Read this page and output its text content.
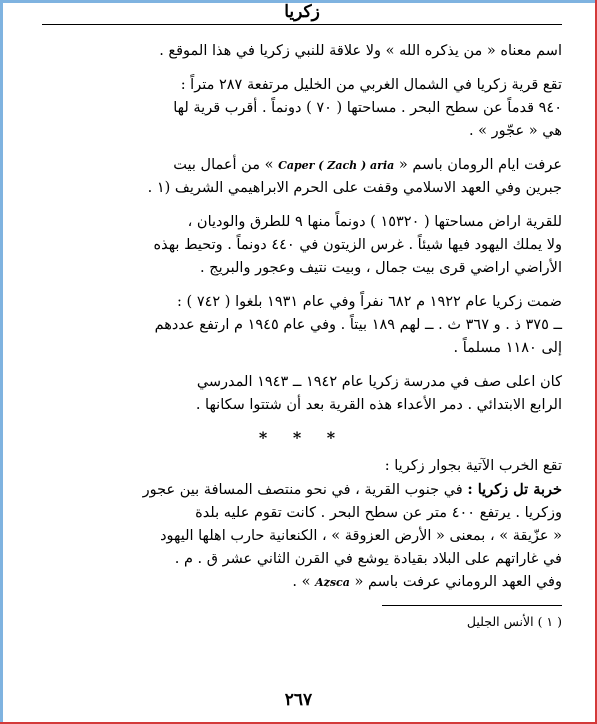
زكريا

اسم معناه « من يذكره الله » ولا علاقة للنبي زكريا في هذا الموقع .

تقع قرية زكريا في الشمال الغربي من الخليل مرتفعة ٢٨٧ متراً :
٩٤٠ قدماً عن سطح البحر . مساحتها ( ٧٠ ) دونماً . أقرب قرية لها
هي « عجّور » .

عرفت ايام الرومان باسم « Caper ( Zach ) aria » من أعمال بيت
جبرين وفي العهد الاسلامي وقفت على الحرم الابراهيمي الشريف (١ .

للقرية اراض مساحتها ( ١٥٣٢٠ ) دونماً منها ٩ للطرق والوديان ،
ولا يملك اليهود فيها شيئاً . غرس الزيتون في ٤٤٠ دونماً . وتحيط بهذه
الأراضي اراضي قرى بيت جمال ، وبيت نتيف وعجور والبريج .

ضمت زكريا عام ١٩٢٢ م ٦٨٢ نفراً وفي عام ١٩٣١ بلغوا ( ٧٤٢ ) :
ــ ٣٧٥ ذ . و ٣٦٧ ث . ــ لهم ١٨٩ بيتاً . وفي عام ١٩٤٥ م ارتفع عددهم
إلى ١١٨٠ مسلماً .

كان اعلى صف في مدرسة زكريا عام ١٩٤٢ ــ ١٩٤٣ المدرسي
الرابع الابتدائي . دمر الأعداء هذه القرية بعد أن شتتوا سكانها .

* * *

تقع الخرب الآتية بجوار زكريا :
خربة تل زكريا : في جنوب القرية ، في نحو منتصف المسافة بين عجور
وزكريا . يرتفع ٤٠٠ متر عن سطح البحر . كانت تقوم عليه بلدة
« عزّيقة » ، بمعنى « الأرض العزوقة » ، الكنعانية حارب اهلها اليهود
في غاراتهم على البلاد بقيادة يوشع في القرن الثاني عشر ق . م .
وفي العهد الروماني عرفت باسم « Azsca » .

( ١ ) الأنس الجليل
٢٦٧
